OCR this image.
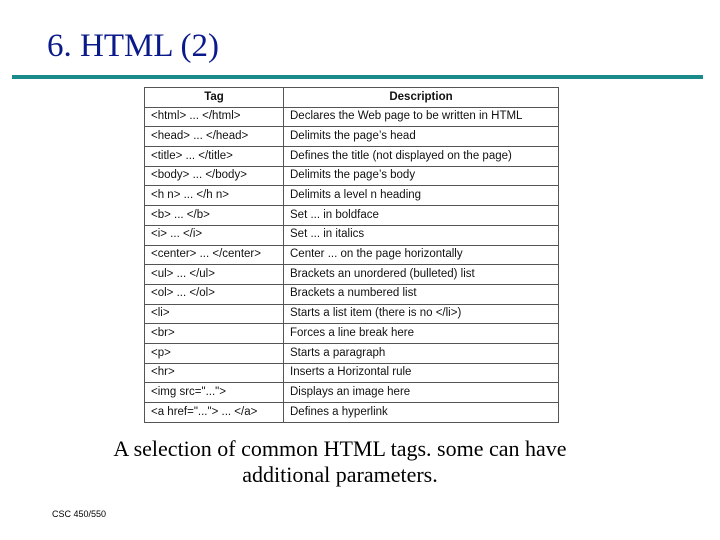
6. HTML (2)
Tag	Description
<html> ... </html>	Declares the Web page to be written in HTML
<head> ... </head>	Delimits the page’s head
<title> ... </title>	Defines the title (not displayed on the page)
<body> ... </body>	Delimits the page’s body
<h n> ... </h n>	Delimits a level n heading
<b> ... </b>	Set ... in boldface
<i> ... </i>	Set ... in italics
<center> ... </center>	Center ... on the page horizontally
<ul> ... </ul>	Brackets an unordered (bulleted) list
<ol> ... </ol>	Brackets a numbered list
<li>	Starts a list item (there is no </li>)
<br>	Forces a line break here
<p>	Starts a paragraph
<hr>	Inserts a Horizontal rule
<img src="...">	Displays an image here
<a href="..."> ... </a>	Defines a hyperlink
A selection of common HTML tags. some can have
additional parameters.
CSC 450/550
